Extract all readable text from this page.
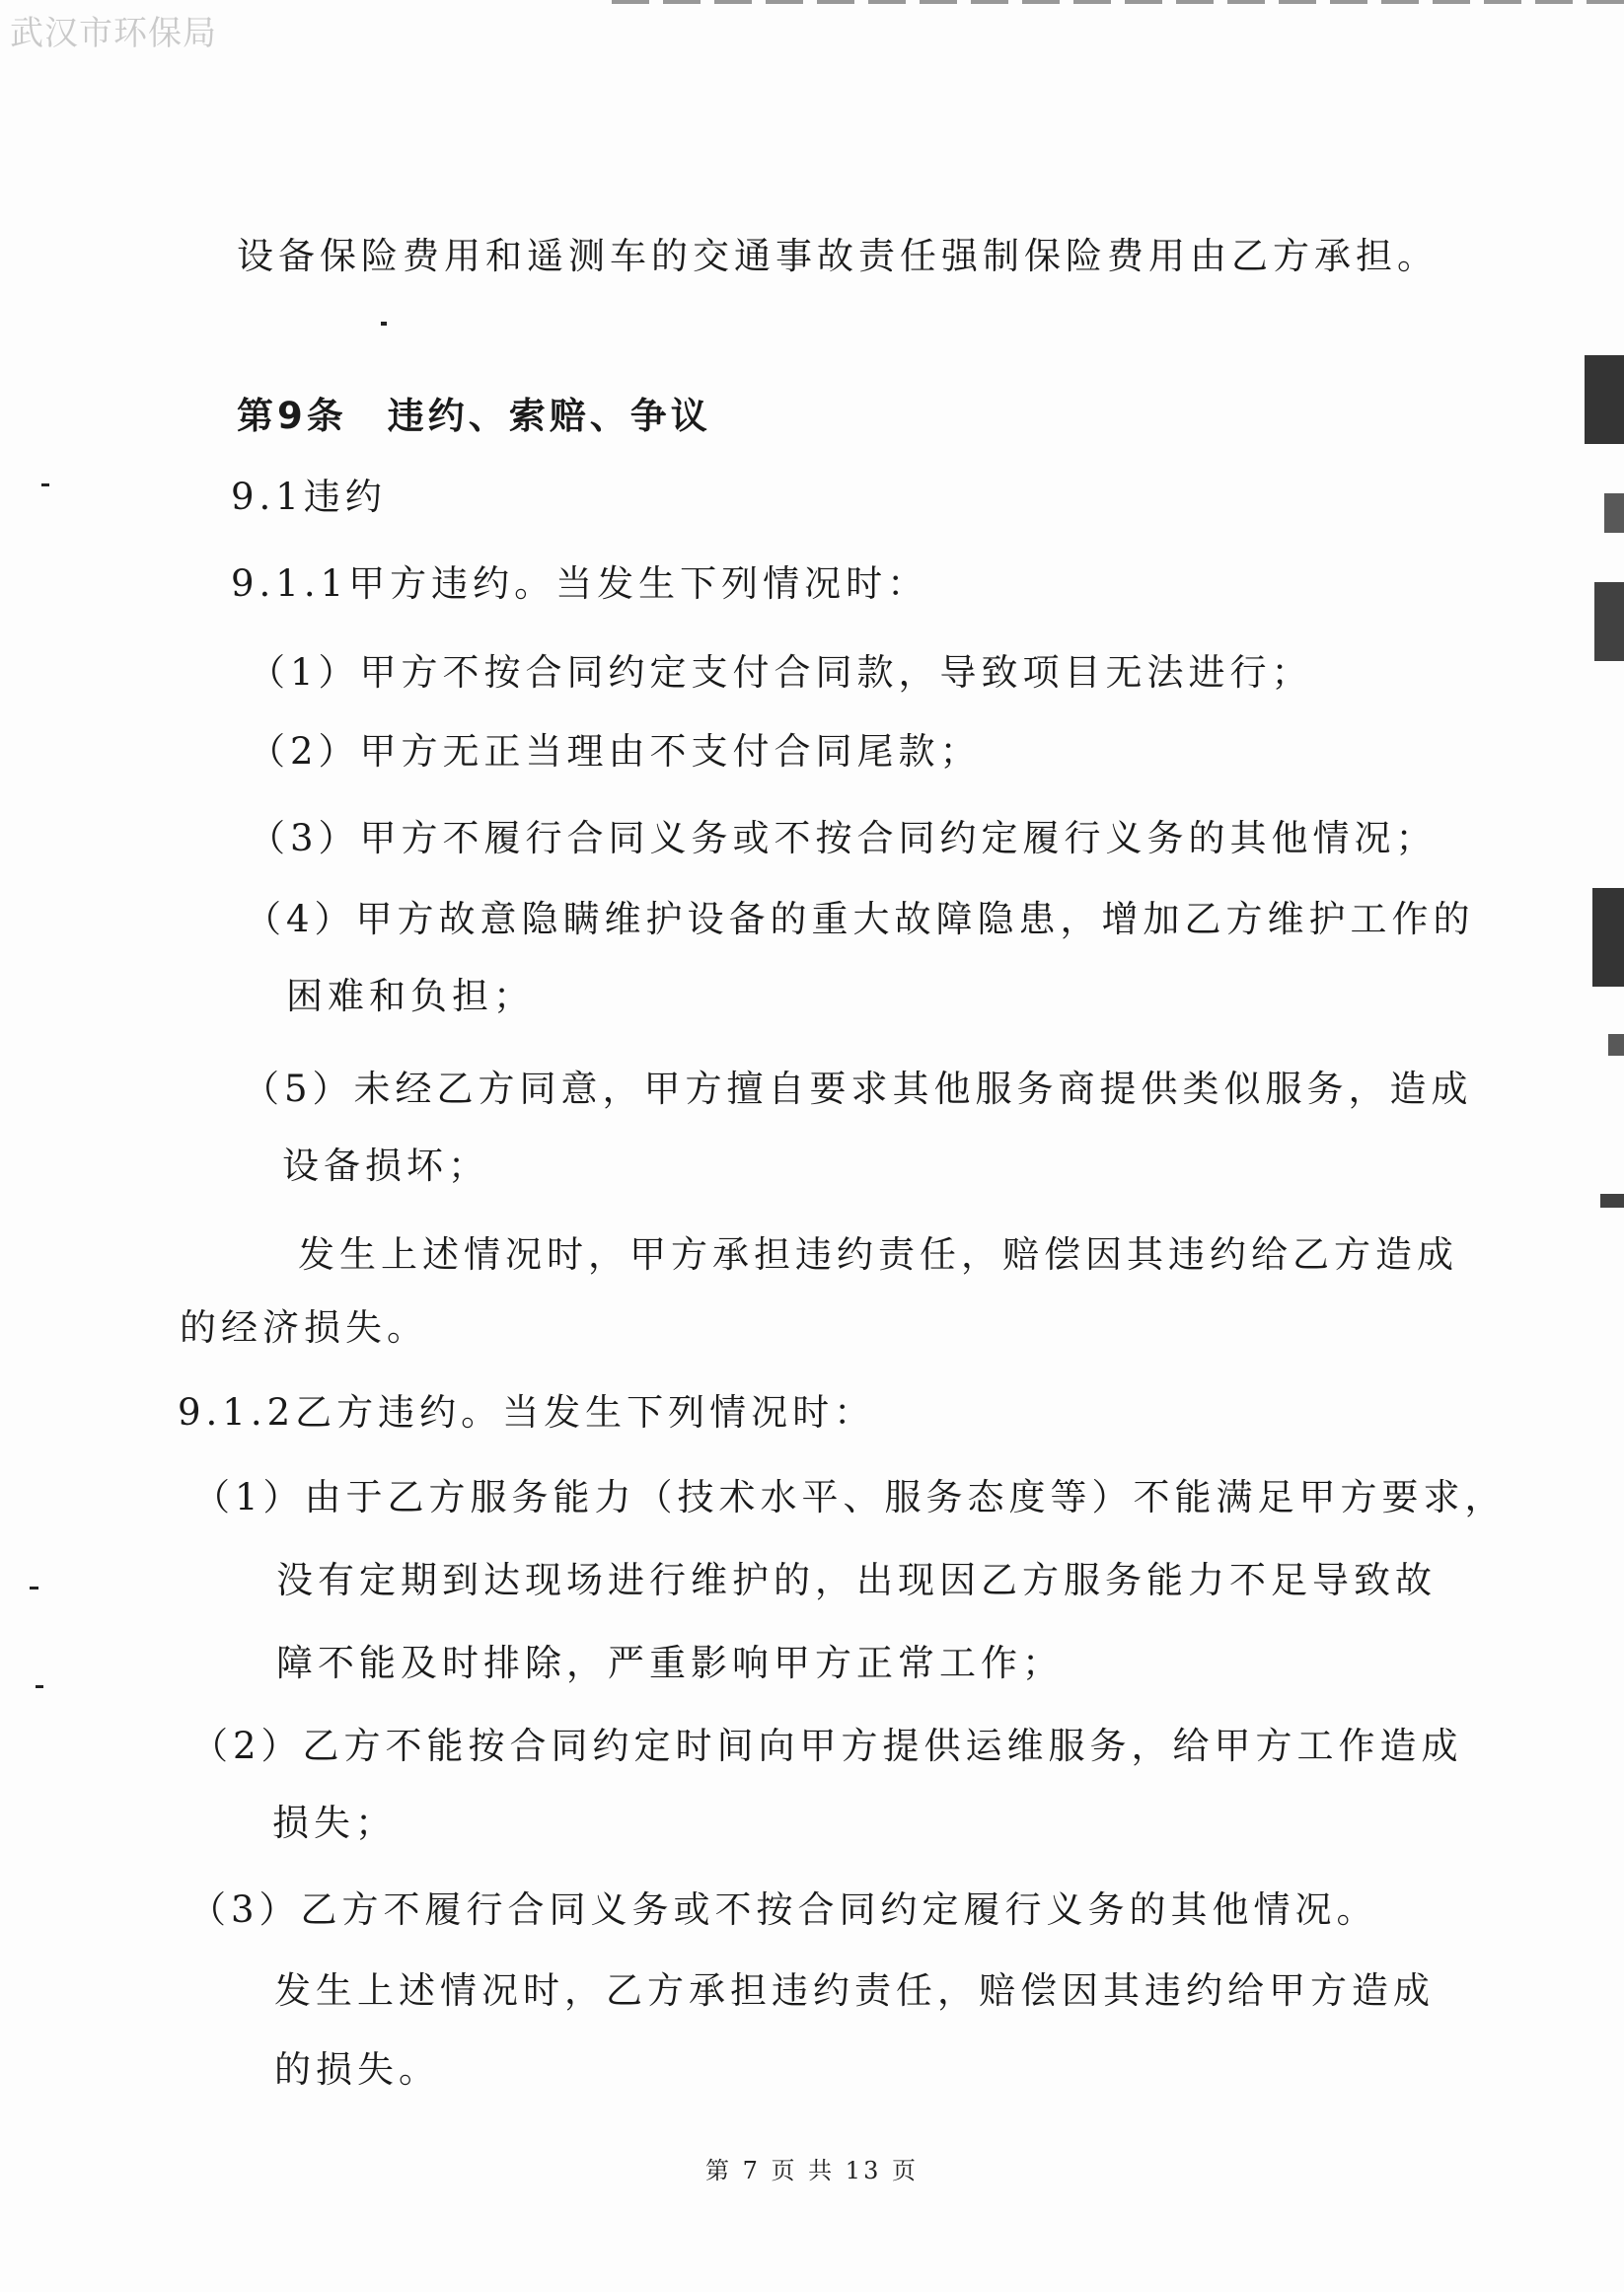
武汉市环保局
设备保险费用和遥测车的交通事故责任强制保险费用由乙方承担。
第9条　违约、索赔、争议
9.1违约
9.1.1甲方违约。当发生下列情况时：
（1）甲方不按合同约定支付合同款，导致项目无法进行；
（2）甲方无正当理由不支付合同尾款；
（3）甲方不履行合同义务或不按合同约定履行义务的其他情况；
（4）甲方故意隐瞒维护设备的重大故障隐患，增加乙方维护工作的
困难和负担；
（5）未经乙方同意，甲方擅自要求其他服务商提供类似服务，造成
设备损坏；
发生上述情况时，甲方承担违约责任，赔偿因其违约给乙方造成
的经济损失。
9.1.2乙方违约。当发生下列情况时：
（1）由于乙方服务能力（技术水平、服务态度等）不能满足甲方要求，
没有定期到达现场进行维护的，出现因乙方服务能力不足导致故
障不能及时排除，严重影响甲方正常工作；
（2）乙方不能按合同约定时间向甲方提供运维服务，给甲方工作造成
损失；
（3）乙方不履行合同义务或不按合同约定履行义务的其他情况。
发生上述情况时，乙方承担违约责任，赔偿因其违约给甲方造成
的损失。
第 7 页 共 13 页
